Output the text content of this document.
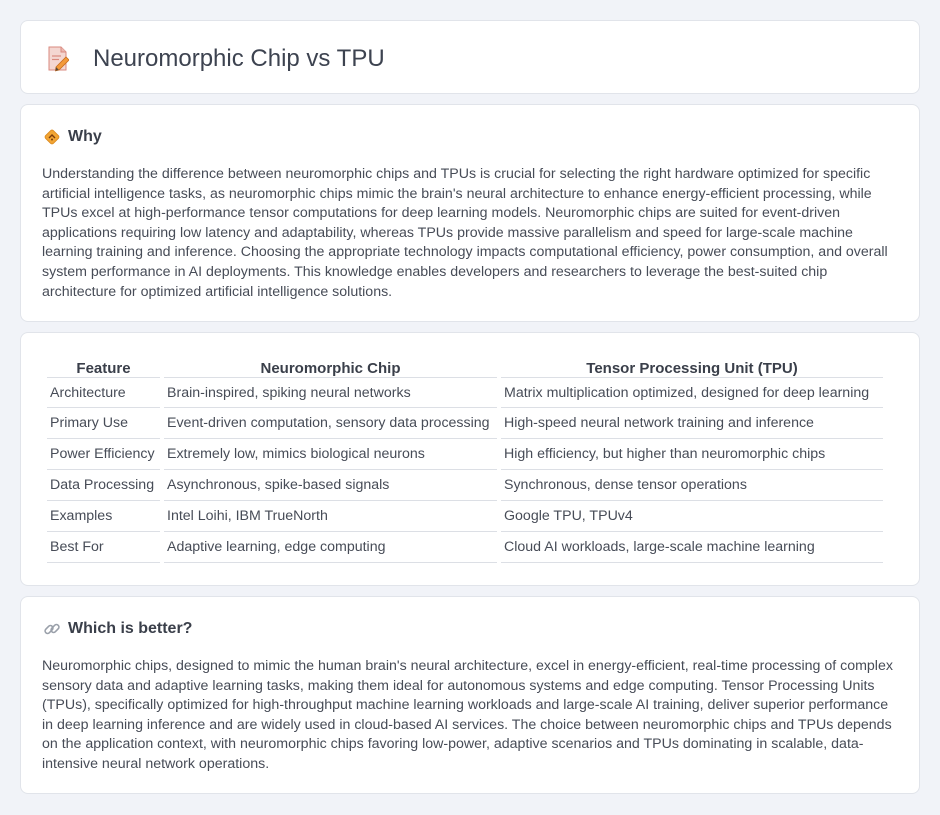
Neuromorphic Chip vs TPU
Why

Understanding the difference between neuromorphic chips and TPUs is crucial for selecting the right hardware optimized for specific artificial intelligence tasks, as neuromorphic chips mimic the brain's neural architecture to enhance energy-efficient processing, while TPUs excel at high-performance tensor computations for deep learning models. Neuromorphic chips are suited for event-driven applications requiring low latency and adaptability, whereas TPUs provide massive parallelism and speed for large-scale machine learning training and inference. Choosing the appropriate technology impacts computational efficiency, power consumption, and overall system performance in AI deployments. This knowledge enables developers and researchers to leverage the best-suited chip architecture for optimized artificial intelligence solutions.

Feature	Neuromorphic Chip	Tensor Processing Unit (TPU)
Architecture	Brain-inspired, spiking neural networks	Matrix multiplication optimized, designed for deep learning
Primary Use	Event-driven computation, sensory data processing	High-speed neural network training and inference
Power Efficiency	Extremely low, mimics biological neurons	High efficiency, but higher than neuromorphic chips
Data Processing	Asynchronous, spike-based signals	Synchronous, dense tensor operations
Examples	Intel Loihi, IBM TrueNorth	Google TPU, TPUv4
Best For	Adaptive learning, edge computing	Cloud AI workloads, large-scale machine learning
Which is better?

Neuromorphic chips, designed to mimic the human brain's neural architecture, excel in energy-efficient, real-time processing of complex sensory data and adaptive learning tasks, making them ideal for autonomous systems and edge computing. Tensor Processing Units (TPUs), specifically optimized for high-throughput machine learning workloads and large-scale AI training, deliver superior performance in deep learning inference and are widely used in cloud-based AI services. The choice between neuromorphic chips and TPUs depends on the application context, with neuromorphic chips favoring low-power, adaptive scenarios and TPUs dominating in scalable, data-intensive neural network operations.
